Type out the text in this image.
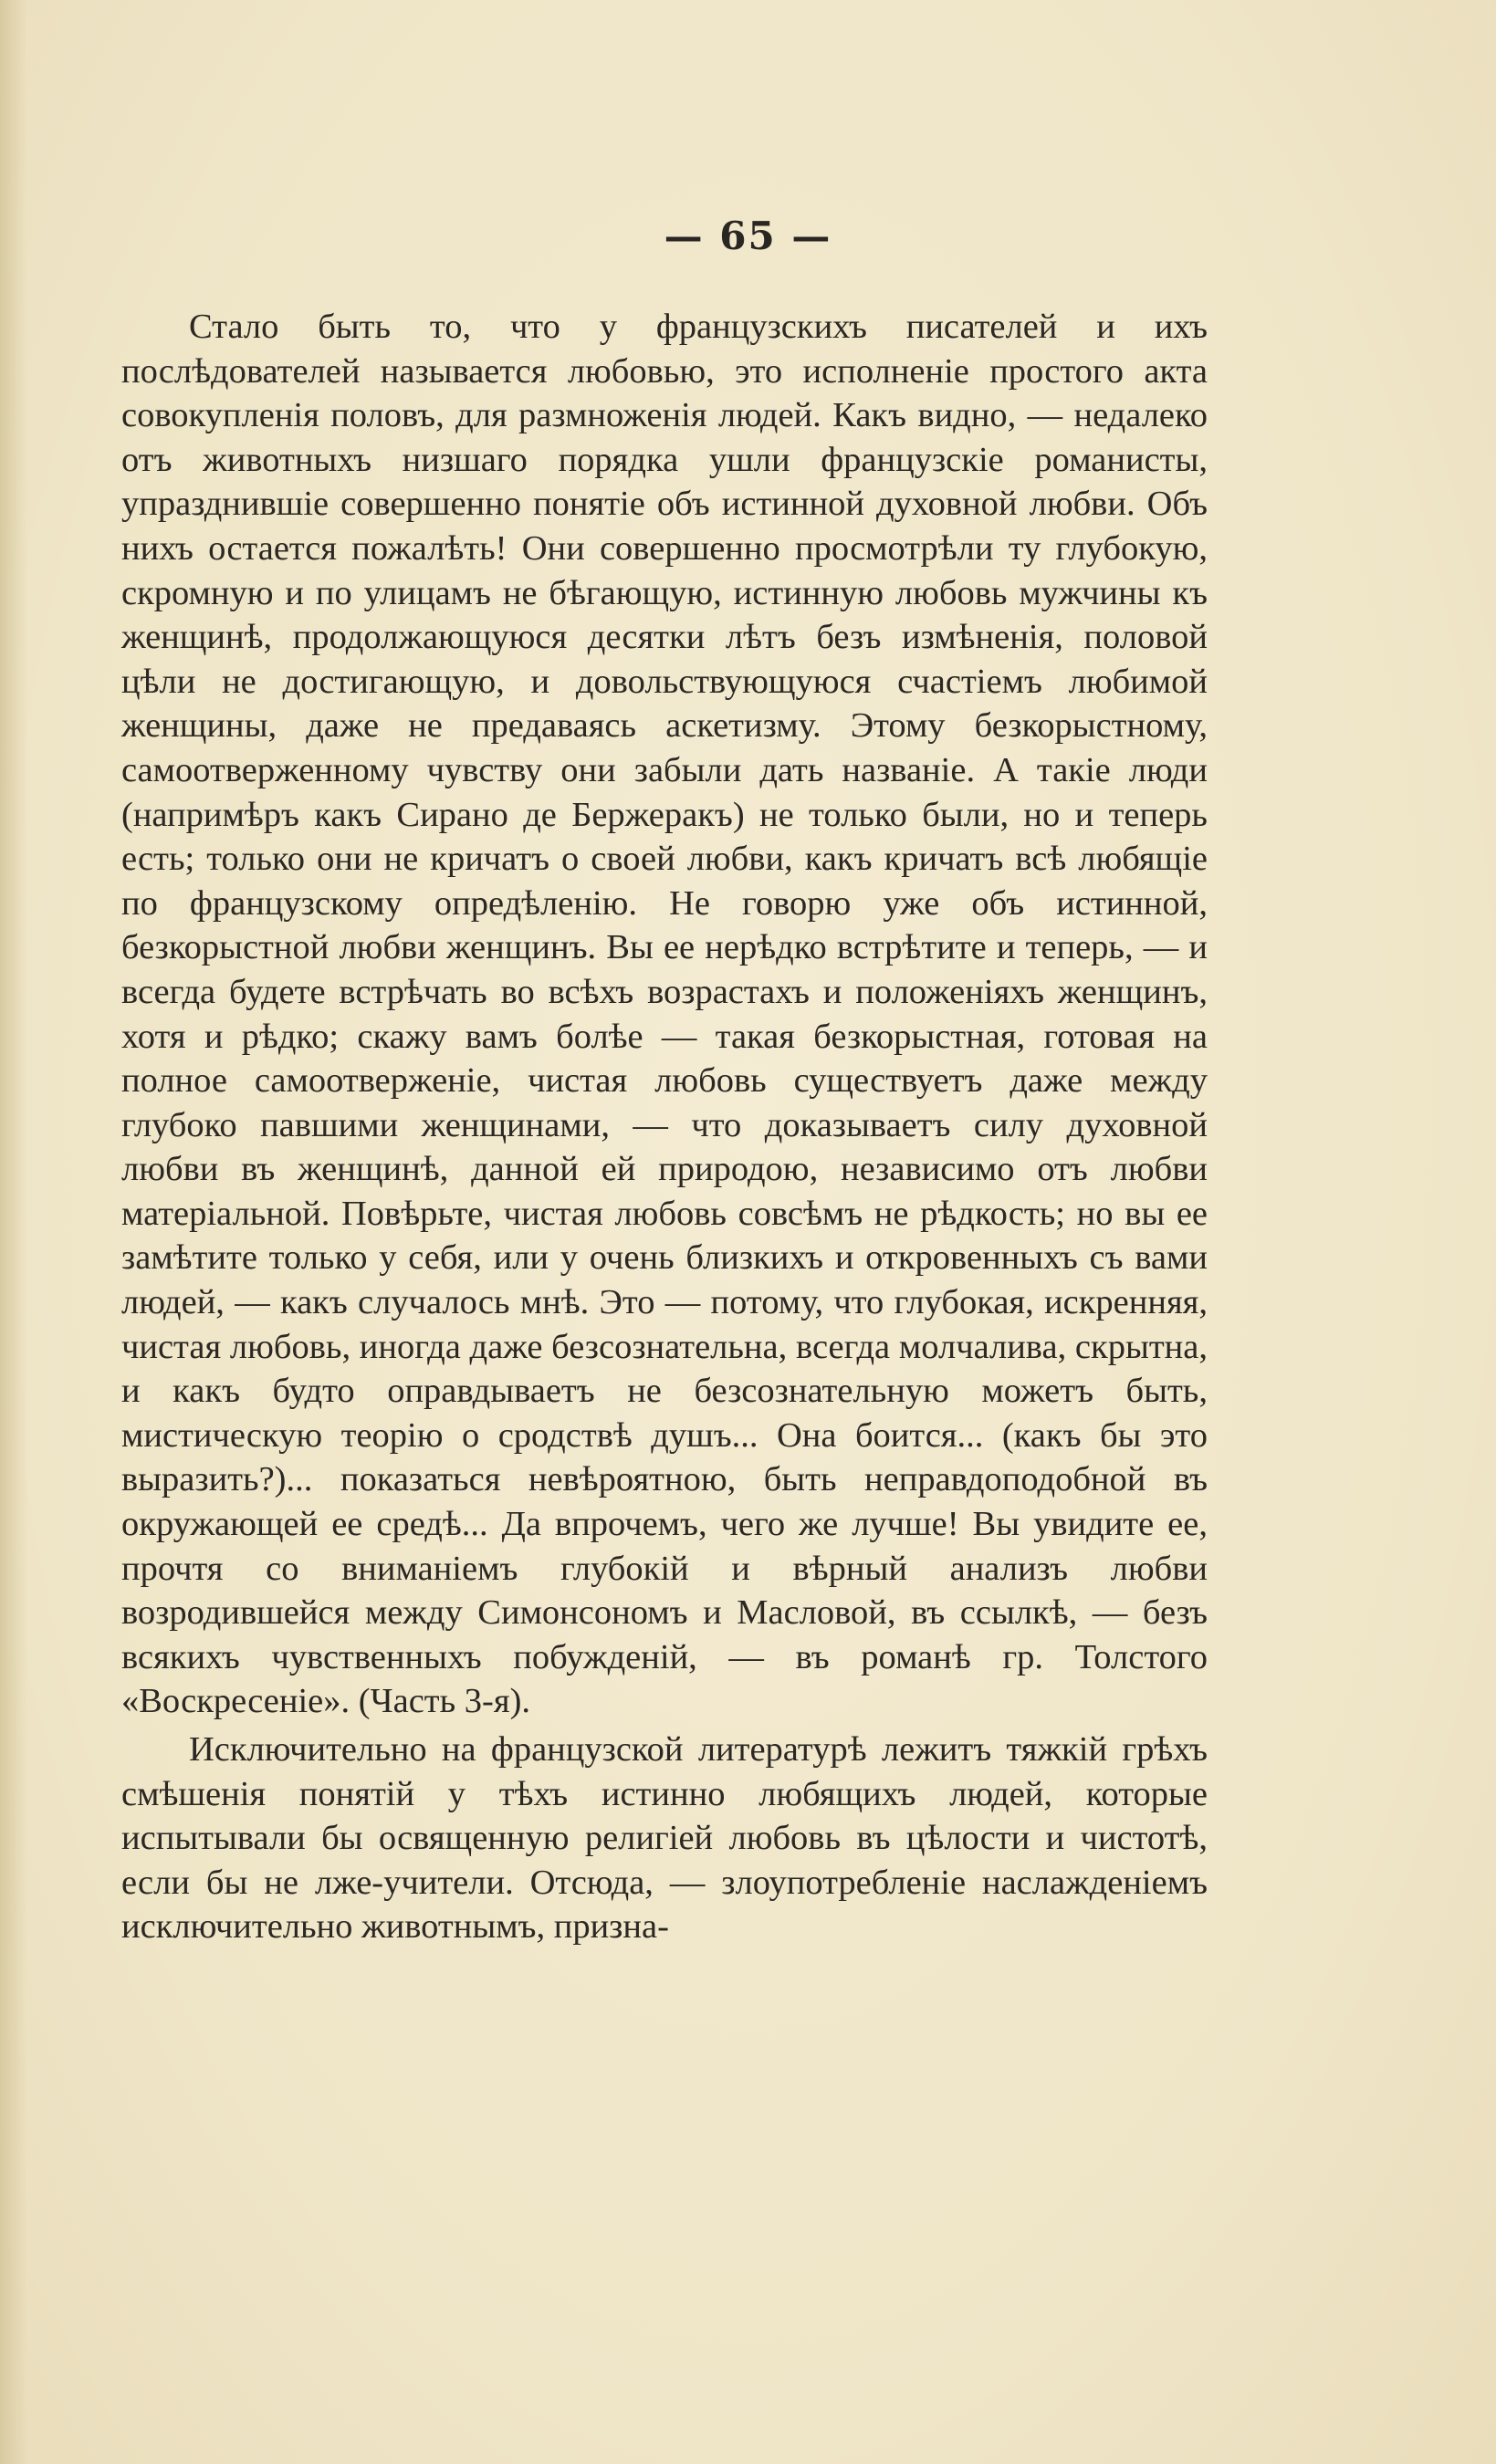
— 65 —

Стало быть то, что у французскихъ писателей и ихъ послѣдователей называется любовью, это исполненіе простого акта совокупленія половъ, для размноженія людей. Какъ видно, — недалеко отъ животныхъ низшаго порядка ушли французскіе романисты, упразднившіе совершенно понятіе объ истинной духовной любви. Объ нихъ остается пожалѣть! Они совершенно просмотрѣли ту глубокую, скромную и по улицамъ не бѣгающую, истинную любовь мужчины къ женщинѣ, продолжающуюся десятки лѣтъ безъ измѣненія, половой цѣли не достигающую, и довольствующуюся счастіемъ любимой женщины, даже не предаваясь аскетизму. Этому безкорыстному, самоотверженному чувству они забыли дать названіе. А такіе люди (напримѣръ какъ Сирано де Бержеракъ) не только были, но и теперь есть; только они не кричатъ о своей любви, какъ кричатъ всѣ любящіе по французскому опредѣленію. Не говорю уже объ истинной, безкорыстной любви женщинъ. Вы ее нерѣдко встрѣтите и теперь, — и всегда будете встрѣчать во всѣхъ возрастахъ и положеніяхъ женщинъ, хотя и рѣдко; скажу вамъ болѣе — такая безкорыстная, готовая на полное самоотверженіе, чистая любовь существуетъ даже между глубоко павшими женщинами, — что доказываетъ силу духовной любви въ женщинѣ, данной ей природою, независимо отъ любви матеріальной. Повѣрьте, чистая любовь совсѣмъ не рѣдкость; но вы ее замѣтите только у себя, или у очень близкихъ и откровенныхъ съ вами людей, — какъ случалось мнѣ. Это — потому, что глубокая, искренняя, чистая любовь, иногда даже безсознательна, всегда молчалива, скрытна, и какъ будто оправдываетъ не безсознательную можетъ быть, мистическую теорію о сродствѣ душъ... Она боится... (какъ бы это выразить?)... показаться невѣроятною, быть неправдоподобной въ окружающей ее средѣ... Да впрочемъ, чего же лучше! Вы увидите ее, прочтя со вниманіемъ глубокій и вѣрный анализъ любви возродившейся между Симонсономъ и Масловой, въ ссылкѣ, — безъ всякихъ чувственныхъ побужденій, — въ романѣ гр. Толстого «Воскресеніе». (Часть 3-я).

Исключительно на французской литературѣ лежитъ тяжкій грѣхъ смѣшенія понятій у тѣхъ истинно любящихъ людей, которые испытывали бы освященную религіей любовь въ цѣлости и чистотѣ, если бы не лже-учители. Отсюда, — злоупотребленіе наслажденіемъ исключительно животнымъ, призна-
